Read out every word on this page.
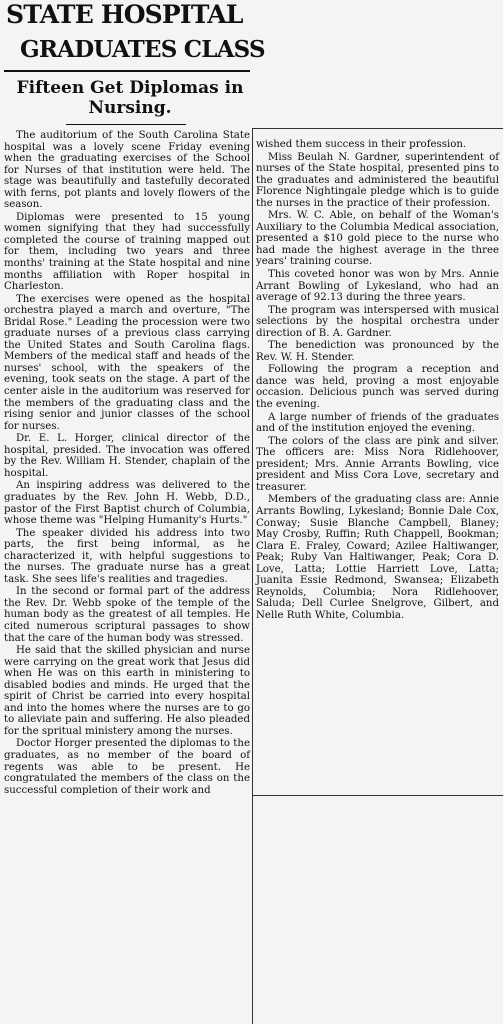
STATE HOSPITAL
GRADUATES CLASS
Fifteen Get Diplomas in Nursing.

The auditorium of the South Carolina State hospital was a lovely scene Friday evening when the graduating exercises of the School for Nurses of that institution were held. The stage was beautifully and tastefully decorated with ferns, pot plants and lovely flowers of the season.

Diplomas were presented to 15 young women signifying that they had successfully completed the course of training mapped out for them, including two years and three months' training at the State hospital and nine months affiliation with Roper hospital in Charleston.

The exercises were opened as the hospital orchestra played a march and overture, "The Bridal Rose." Leading the procession were two graduate nurses of a previous class carrying the United States and South Carolina flags. Members of the medical staff and heads of the nurses' school, with the speakers of the evening, took seats on the stage. A part of the center aisle in the auditorium was reserved for the members of the graduating class and the rising senior and junior classes of the school for nurses.

Dr. E. L. Horger, clinical director of the hospital, presided. The invocation was offered by the Rev. William H. Stender, chaplain of the hospital.

An inspiring address was delivered to the graduates by the Rev. John H. Webb, D.D., pastor of the First Baptist church of Columbia, whose theme was "Helping Humanity's Hurts."

The speaker divided his address into two parts, the first being informal, as he characterized it, with helpful suggestions to the nurses. The graduate nurse has a great task. She sees life's realities and tragedies.

In the second or formal part of the address the Rev. Dr. Webb spoke of the temple of the human body as the greatest of all temples. He cited numerous scriptural passages to show that the care of the human body was stressed.

He said that the skilled physician and nurse were carrying on the great work that Jesus did when He was on this earth in ministering to disabled bodies and minds. He urged that the spirit of Christ be carried into every hospital and into the homes where the nurses are to go to alleviate pain and suffering. He also pleaded for the spritual ministery among the nurses.

Doctor Horger presented the diplomas to the graduates, as no member of the board of regents was able to be present. He congratulated the members of the class on the successful completion of their work and

wished them success in their profession.

Miss Beulah N. Gardner, superintendent of nurses of the State hospital, presented pins to the graduates and administered the beautiful Florence Nightingale pledge which is to guide the nurses in the practice of their profession.

Mrs. W. C. Able, on behalf of the Woman's Auxiliary to the Columbia Medical association, presented a $10 gold piece to the nurse who had made the highest average in the three years' training course.

This coveted honor was won by Mrs. Annie Arrant Bowling of Lykesland, who had an average of 92.13 during the three years.

The program was interspersed with musical selections by the hospital orchestra under direction of B. A. Gardner.

The benediction was pronounced by the Rev. W. H. Stender.

Following the program a reception and dance was held, proving a most enjoyable occasion. Delicious punch was served during the evening.

A large number of friends of the graduates and of the institution enjoyed the evening.

The colors of the class are pink and silver. The officers are: Miss Nora Ridlehoover, president; Mrs. Annie Arrants Bowling, vice president and Miss Cora Love, secretary and treasurer.

Members of the graduating class are: Annie Arrants Bowling, Lykesland; Bonnie Dale Cox, Conway; Susie Blanche Campbell, Blaney; May Crosby, Ruffin; Ruth Chappell, Bookman; Clara E. Fraley, Coward; Azilee Haltiwanger, Peak; Ruby Van Haltiwanger, Peak; Cora D. Love, Latta; Lottie Harriett Love, Latta; Juanita Essie Redmond, Swansea; Elizabeth Reynolds, Columbia; Nora Ridlehoover, Saluda; Dell Curlee Snelgrove, Gilbert, and Nelle Ruth White, Columbia.
